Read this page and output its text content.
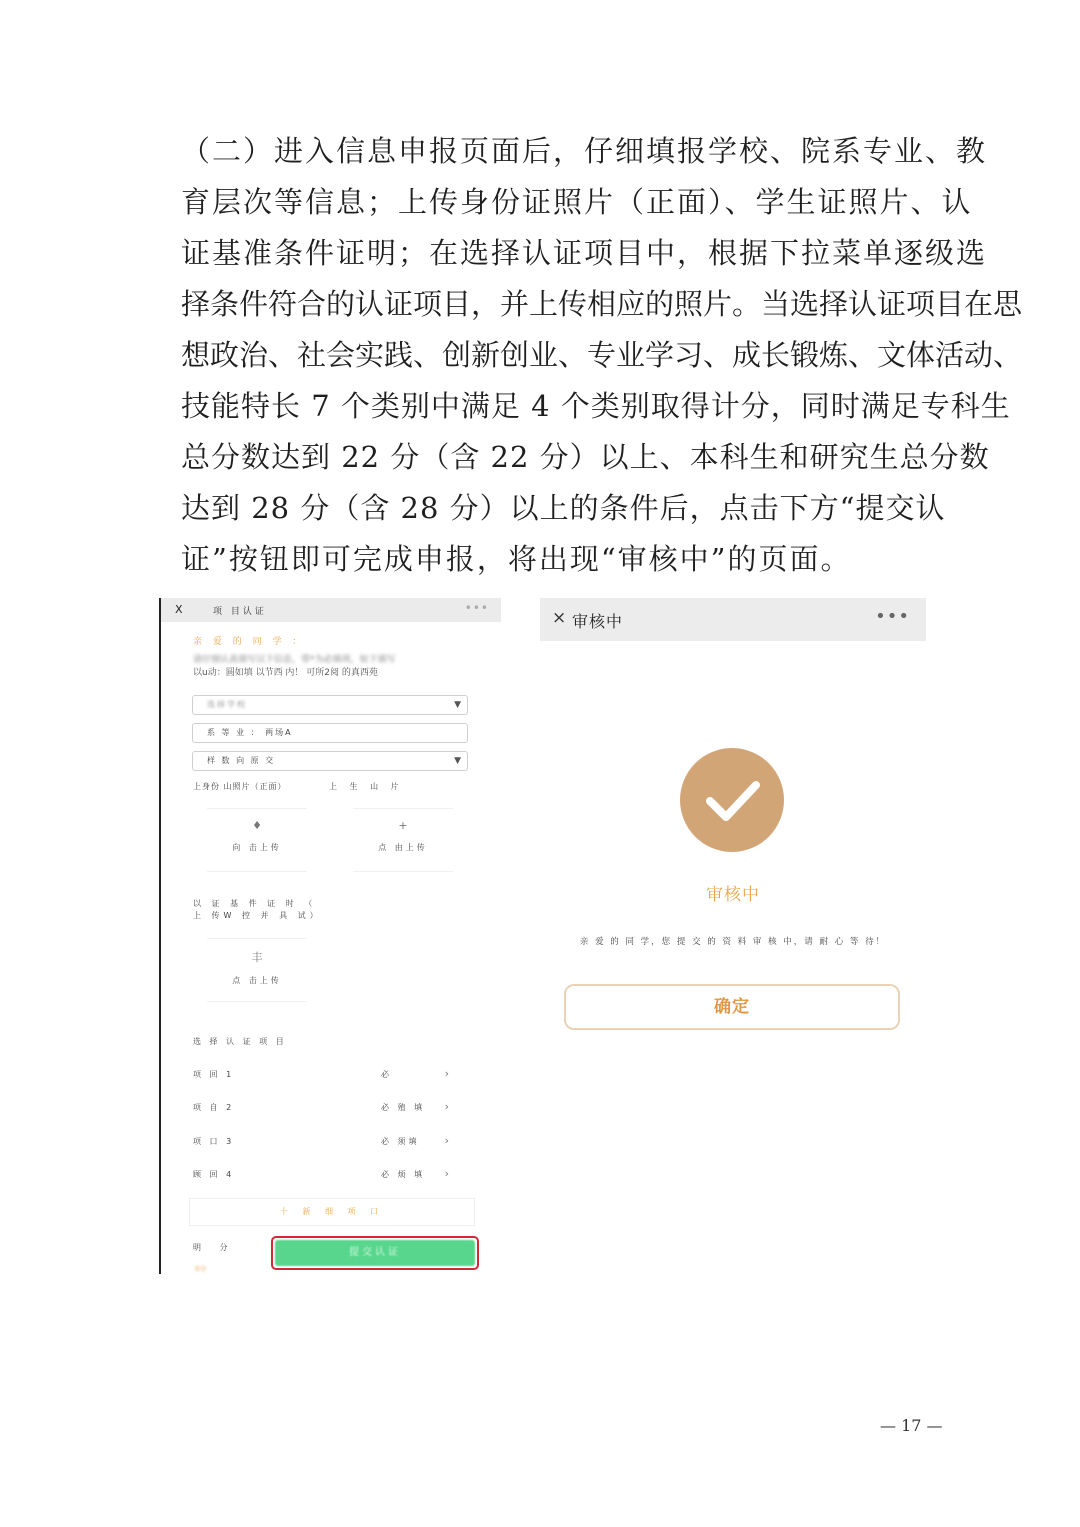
（二）进入信息申报页面后，仔细填报学校、院系专业、教
育层次等信息；上传身份证照片（正面）、学生证照片、认
证基准条件证明；在选择认证项目中，根据下拉菜单逐级选
择条件符合的认证项目，并上传相应的照片。当选择认证项目在思
想政治、社会实践、创新创业、专业学习、成长锻炼、文体活动、
技能特长 7 个类别中满足 4 个类别取得计分，同时满足专科生
总分数达到 22 分（含 22 分）以上、本科生和研究生总分数
达到 28 分（含 28 分）以上的条件后，点击下方“提交认
证”按钮即可完成申报，将出现“审核中”的页面。
X	项 目认证	•••
亲 爱 的 同 学 ：
请仔细认真填写以下信息，带*为必填项，如下填写
以u动：圆如填 以节西 内！ 可所2阅 的真西苑
选择学校	▼
系 等 业 ： 两场A
样 数 向 原 交	▼
上身份 山照片（正面）	上 生 山 片
♦
向 击上传
+
点 由上传
以 证 基 件 证 时 （ 上 传W 控 并 具 试）
丰
点 击上传
选 择 认 证 项 目
项 回 1	必	›
项 自 2	必 殖 填 ›
项 口 3	必 须填 ›
顾 回 4	必 烦 填 ›
十 新 细 项 口
明 分
0分
提交认证
× 审核中	•••
审核中
亲 爱 的 同 学，您 提 交 的 资 料 审 核 中，请 耐 心 等 待！
确定
— 17 —
